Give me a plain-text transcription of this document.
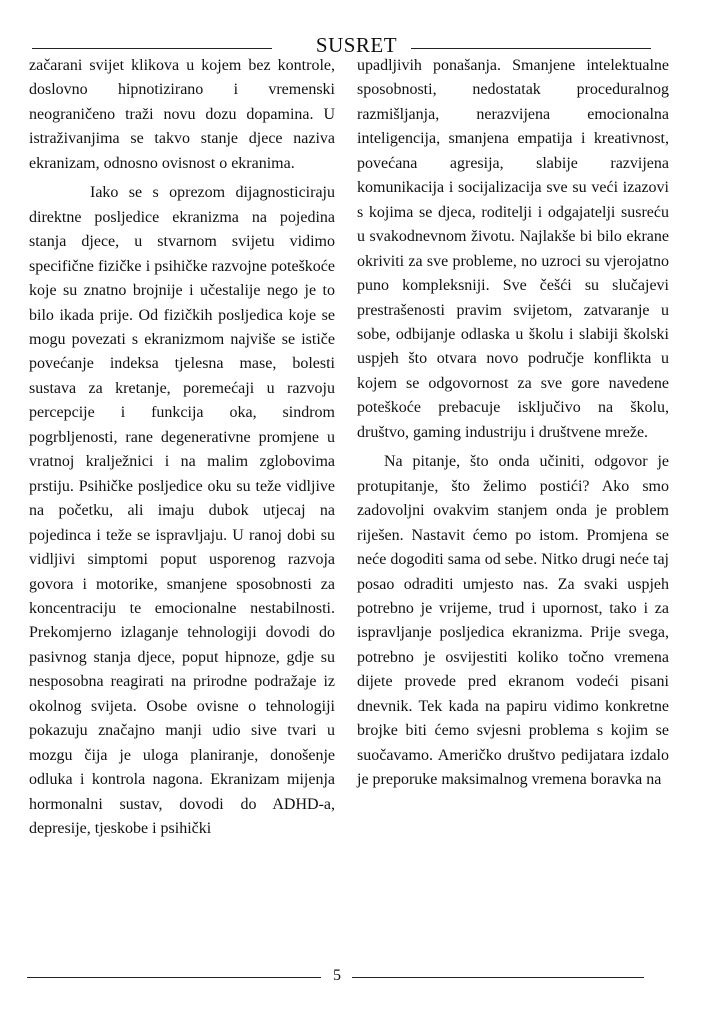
SUSRET

začarani svijet klikova u kojem bez kontrole, doslovno hipnotizirano i vremenski neograničeno traži novu dozu dopamina. U istraživanjima se takvo stanje djece naziva ekranizam, odnosno ovisnost o ekranima.

Iako se s oprezom dijagnosticiraju direktne posljedice ekranizma na pojedina stanja djece, u stvarnom svijetu vidimo specifične fizičke i psihičke razvojne poteškoće koje su znatno brojnije i učestalije nego je to bilo ikada prije. Od fizičkih posljedica koje se mogu povezati s ekranizmom najviše se ističe povećanje indeksa tjelesna mase, bolesti sustava za kretanje, poremećaji u razvoju percepcije i funkcija oka, sindrom pogrbljenosti, rane degenerativne promjene u vratnoj kralježnici i na malim zglobovima prstiju. Psihičke posljedice oku su teže vidljive na početku, ali imaju dubok utjecaj na pojedinca i teže se ispravljaju. U ranoj dobi su vidljivi simptomi poput usporenog razvoja govora i motorike, smanjene sposobnosti za koncentraciju te emocionalne nestabilnosti. Prekomjerno izlaganje tehnologiji dovodi do pasivnog stanja djece, poput hipnoze, gdje su nesposobna reagirati na prirodne podražaje iz okolnog svijeta. Osobe ovisne o tehnologiji pokazuju značajno manji udio sive tvari u mozgu čija je uloga planiranje, donošenje odluka i kontrola nagona. Ekranizam mijenja hormonalni sustav, dovodi do ADHD-a, depresije, tjeskobe i psihički

upadljivih ponašanja. Smanjene intelektualne sposobnosti, nedostatak proceduralnog razmišljanja, nerazvijena emocionalna inteligencija, smanjena empatija i kreativnost, povećana agresija, slabije razvijena komunikacija i socijalizacija sve su veći izazovi s kojima se djeca, roditelji i odgajatelji susreću u svakodnevnom životu. Najlakše bi bilo ekrane okriviti za sve probleme, no uzroci su vjerojatno puno kompleksniji. Sve češći su slučajevi prestrašenosti pravim svijetom, zatvaranje u sobe, odbijanje odlaska u školu i slabiji školski uspjeh što otvara novo područje konflikta u kojem se odgovornost za sve gore navedene poteškoće prebacuje isključivo na školu, društvo, gaming industriju i društvene mreže.

Na pitanje, što onda učiniti, odgovor je protupitanje, što želimo postići? Ako smo zadovoljni ovakvim stanjem onda je problem riješen. Nastavit ćemo po istom. Promjena se neće dogoditi sama od sebe. Nitko drugi neće taj posao odraditi umjesto nas. Za svaki uspjeh potrebno je vrijeme, trud i upornost, tako i za ispravljanje posljedica ekranizma. Prije svega, potrebno je osvijestiti koliko točno vremena dijete provede pred ekranom vodeći pisani dnevnik. Tek kada na papiru vidimo konkretne brojke biti ćemo svjesni problema s kojim se suočavamo. Američko društvo pedijatara izdalo je preporuke maksimalnog vremena boravka na

5
